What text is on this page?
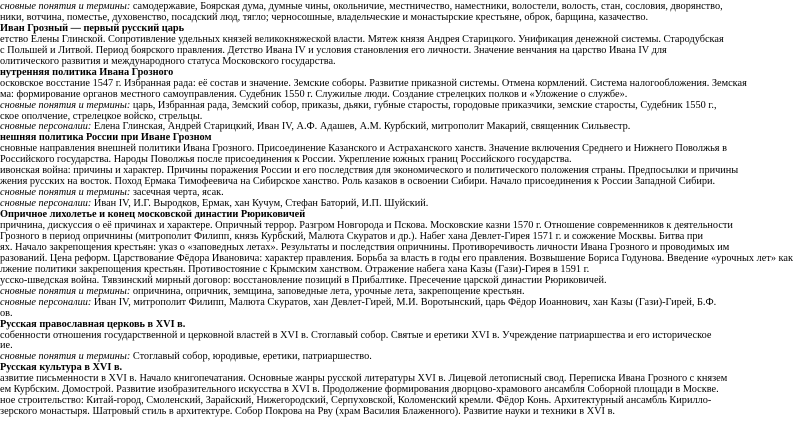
сновные понятия и термины: самодержавие, Боярская дума, думные чины, окольничие, местничество, наместники, волостели, волость, стан, сословия, дворянство,
ники, вотчина, поместье, духовенство, посадский люд, тягло; черносошные, владельческие и монастырские крестьяне, оброк, барщина, казачество.
Иван Грозный — первый русский царь
етство Елены Глинской. Сопротивление удельных князей великокняжеской власти. Мятеж князя Андрея Старицкого. Унификация денежной системы. Стародубская
с Польшей и Литвой. Период боярского правления. Детство Ивана IV и условия становления его личности. Значение венчания на царство Ивана IV для
олитического развития и международного статуса Московского государства.
нутренняя политика Ивана Грозного
осковское восстание 1547 г. Избранная рада: её состав и значение. Земские соборы. Развитие приказной системы. Отмена кормлений. Система налогообложения. Земская
ма: формирование органов местного самоуправления. Судебник 1550 г. Служилые люди. Создание стрелецких полков и «Уложение о службе».
сновные понятия и термины: царь, Избранная рада, Земский собор, приказы, дьяки, губные старосты, городовые приказчики, земские старосты, Судебник 1550 г.,
ское ополчение, стрелецкое войско, стрельцы.
сновные персоналии: Елена Глинская, Андрей Старицкий, Иван IV, А.Ф. Адашев, А.М. Курбский, митрополит Макарий, священник Сильвестр.
нешняя политика России при Иване Грозном
сновные направления внешней политики Ивана Грозного. Присоединение Казанского и Астраханского ханств. Значение включения Среднего и Нижнего Поволжья в
Российского государства. Народы Поволжья после присоединения к России. Укрепление южных границ Российского государства.
ивонская война: причины и характер. Причины поражения России и его последствия для экономического и политического положения страны. Предпосылки и причины
жения русских на восток. Поход Ермака Тимофеевича на Сибирское ханство. Роль казаков в освоении Сибири. Начало присоединения к России Западной Сибири.
сновные понятия и термины: засечная черта, ясак.
сновные персоналии: Иван IV, И.Г. Выродков, Ермак, хан Кучум, Стефан Баторий, И.П. Шуйский.
Опричное лихолетье и конец московской династии Рюриковичей
причнина, дискуссия о её причинах и характере. Опричный террор. Разгром Новгорода и Пскова. Московские казни 1570 г. Отношение современников к деятельности
Грозного в период опричнины (митрополит Филипп, князь Курбский, Малюта Скуратов и др.). Набег хана Девлет-Гирея 1571 г. и сожжение Москвы. Битва при
ях. Начало закрепощения крестьян: указ о «заповедных летах». Результаты и последствия опричнины. Противоречивость личности Ивана Грозного и проводимых им
разований. Цена реформ. Царствование Фёдора Ивановича: характер правления. Борьба за власть в годы его правления. Возвышение Бориса Годунова. Введение «урочных лет» как
лжение политики закрепощения крестьян. Противостояние с Крымским ханством. Отражение набега хана Казы (Гази)-Гирея в 1591 г.
усско-шведская война. Тявзинский мирный договор: восстановление позиций в Прибалтике. Пресечение царской династии Рюриковичей.
сновные понятия и термины: опричнина, опричник, земщина, заповедные лета, урочные лета, закрепощение крестьян.
сновные персоналии: Иван IV, митрополит Филипп, Малюта Скуратов, хан Девлет-Гирей, М.И. Воротынский, царь Фёдор Иоаннович, хан Казы (Гази)-Гирей, Б.Ф.
ов.
Русская православная церковь в XVI в.
собенности отношения государственной и церковной властей в XVI в. Стоглавый собор. Святые и еретики XVI в. Учреждение патриаршества и его историческое
ие.
сновные понятия и термины: Стоглавый собор, юродивые, еретики, патриаршество.
Русская культура в XVI в.
азвитие письменности в XVI в. Начало книгопечатания. Основные жанры русской литературы XVI в. Лицевой летописный свод. Переписка Ивана Грозного с князем
ем Курбским. Домострой. Развитие изобразительного искусства в XVI в. Продолжение формирования дворцово-храмового ансамбля Соборной площади в Москве.
ное строительство: Китай-город, Смоленский, Зарайский, Нижегородский, Серпуховской, Коломенский кремли. Фёдор Конь. Архитектурный ансамбль Кирилло-
зерского монастыря. Шатровый стиль в архитектуре. Собор Покрова на Рву (храм Василия Блаженного). Развитие науки и техники в XVI в.
